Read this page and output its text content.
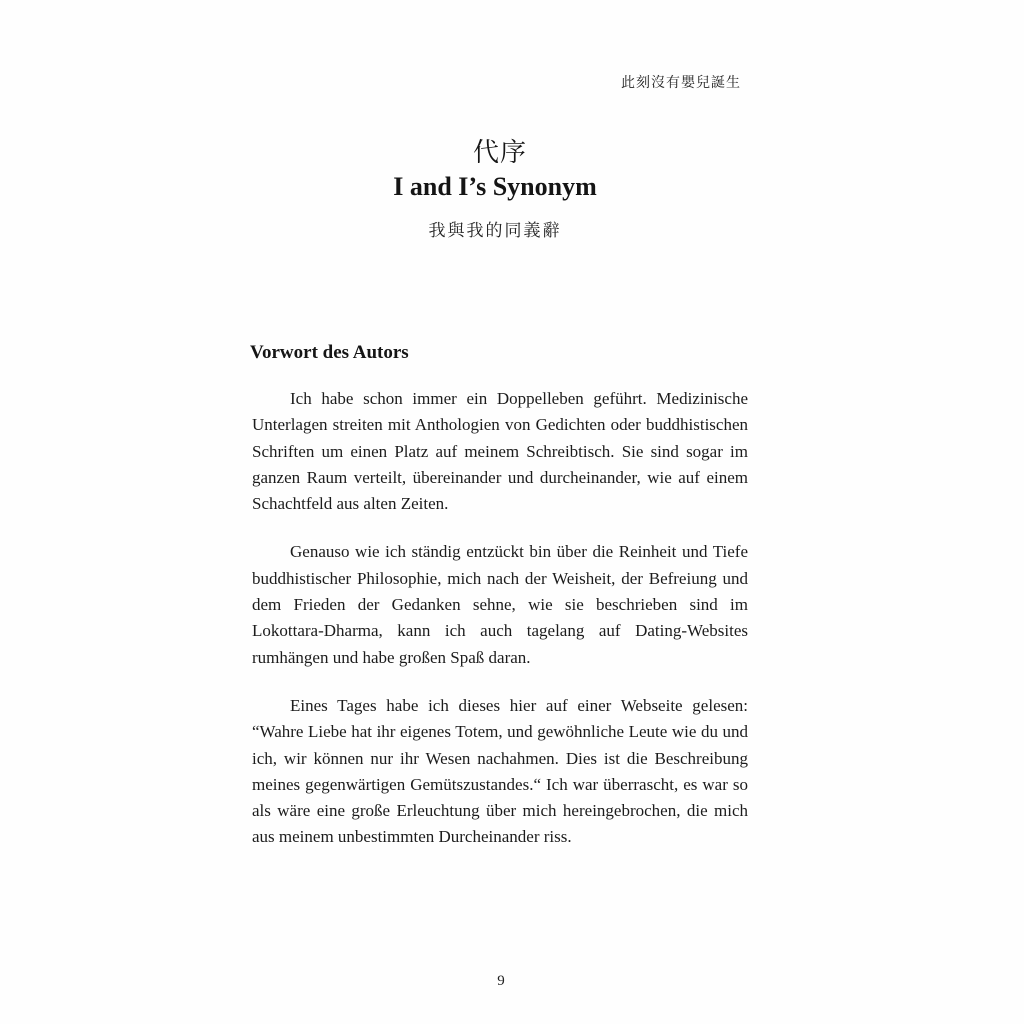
此刻沒有嬰兒誕生
代序
I and I’s Synonym
我與我的同義辭
Vorwort des Autors

Ich habe schon immer ein Doppelleben geführt. Medizinische Unterlagen streiten mit Anthologien von Gedichten oder buddhistischen Schriften um einen Platz auf meinem Schreibtisch. Sie sind sogar im ganzen Raum verteilt, übereinander und durcheinander, wie auf einem Schachtfeld aus alten Zeiten.

Genauso wie ich ständig entzückt bin über die Reinheit und Tiefe buddhistischer Philosophie, mich nach der Weisheit, der Befreiung und dem Frieden der Gedanken sehne, wie sie beschrieben sind im Lokottara-Dharma, kann ich auch tagelang auf Dating-Websites rumhängen und habe großen Spaß daran.

Eines Tages habe ich dieses hier auf einer Webseite gelesen: “Wahre Liebe hat ihr eigenes Totem, und gewöhnliche Leute wie du und ich, wir können nur ihr Wesen nachahmen. Dies ist die Beschreibung meines gegenwärtigen Gemütszustandes.“ Ich war überrascht, es war so als wäre eine große Erleuchtung über mich hereingebrochen, die mich aus meinem unbestimmten Durcheinander riss.

9
